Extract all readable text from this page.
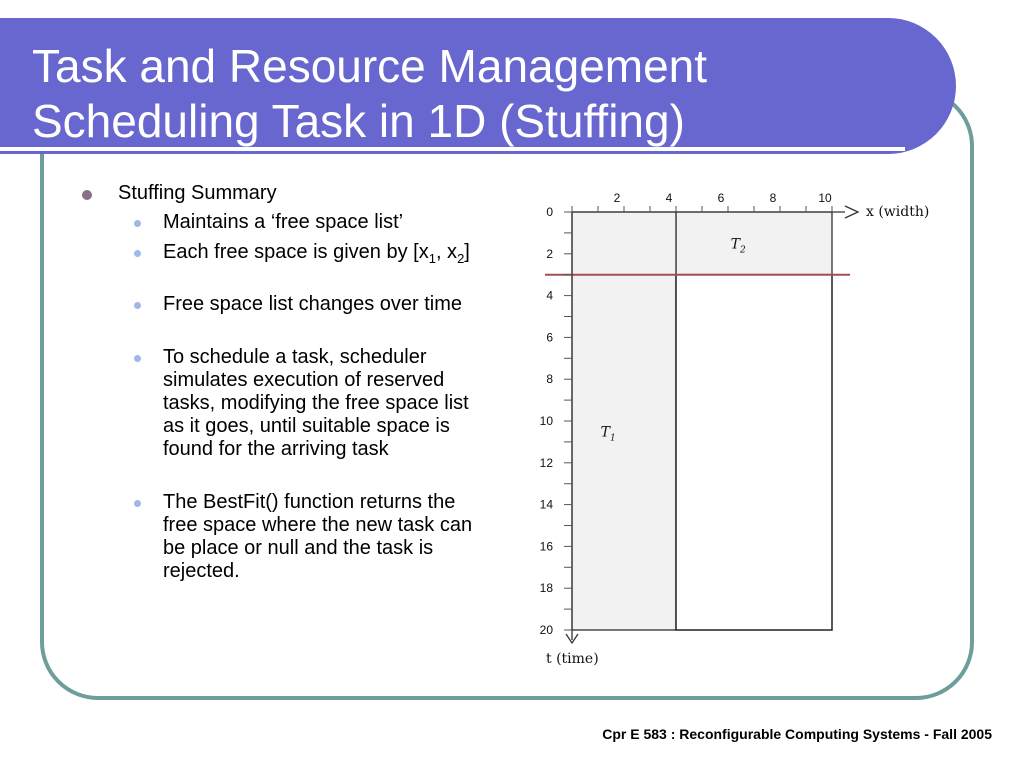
Task and Resource Management
Scheduling Task in 1D (Stuffing)
Stuffing Summary
Maintains a ‘free space list’
Each free space is given by [$x_1$, $x_2$]
Free space list changes over time
To schedule a task, scheduler simulates execution of reserved tasks, modifying the free space list as it goes, until suitable space is found for the arriving task
The BestFit() function returns the free space where the new task can be place or null and the task is rejected.
2	4	6	8	10
0
2
4
6
8
10
12
14
16
18
20
x (width)
t (time)
$T_2$
$T_1$
Cpr E 583 : Reconfigurable Computing Systems - Fall 2005
